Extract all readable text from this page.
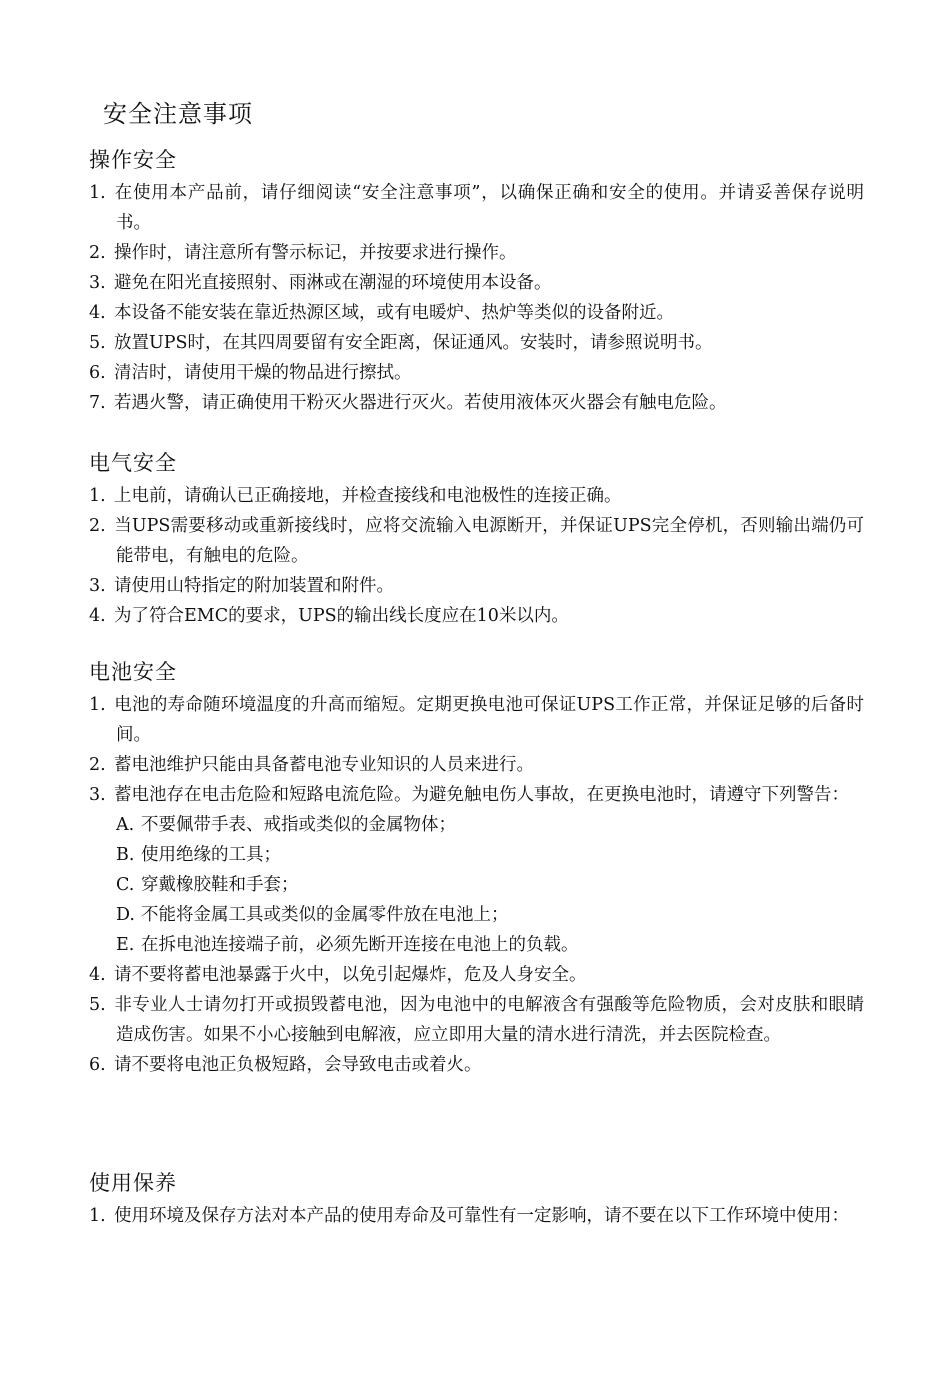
安全注意事项
操作安全
1. 在使用本产品前，请仔细阅读“安全注意事项”，以确保正确和安全的使用。并请妥善保存说明书。
2. 操作时，请注意所有警示标记，并按要求进行操作。
3. 避免在阳光直接照射、雨淋或在潮湿的环境使用本设备。
4. 本设备不能安装在靠近热源区域，或有电暖炉、热炉等类似的设备附近。
5. 放置UPS时，在其四周要留有安全距离，保证通风。安装时，请参照说明书。
6. 清洁时，请使用干燥的物品进行擦拭。
7. 若遇火警，请正确使用干粉灭火器进行灭火。若使用液体灭火器会有触电危险。
电气安全
1. 上电前，请确认已正确接地，并检查接线和电池极性的连接正确。
2. 当UPS需要移动或重新接线时，应将交流输入电源断开，并保证UPS完全停机，否则输出端仍可能带电，有触电的危险。
3. 请使用山特指定的附加装置和附件。
4. 为了符合EMC的要求，UPS的输出线长度应在10米以内。
电池安全
1. 电池的寿命随环境温度的升高而缩短。定期更换电池可保证UPS工作正常，并保证足够的后备时间。
2. 蓄电池维护只能由具备蓄电池专业知识的人员来进行。
3. 蓄电池存在电击危险和短路电流危险。为避免触电伤人事故，在更换电池时，请遵守下列警告：
A. 不要佩带手表、戒指或类似的金属物体；
B. 使用绝缘的工具；
C. 穿戴橡胶鞋和手套；
D. 不能将金属工具或类似的金属零件放在电池上；
E. 在拆电池连接端子前，必须先断开连接在电池上的负载。
4. 请不要将蓄电池暴露于火中，以免引起爆炸，危及人身安全。
5. 非专业人士请勿打开或损毁蓄电池，因为电池中的电解液含有强酸等危险物质，会对皮肤和眼睛造成伤害。如果不小心接触到电解液，应立即用大量的清水进行清洗，并去医院检查。
6. 请不要将电池正负极短路，会导致电击或着火。
使用保养
1. 使用环境及保存方法对本产品的使用寿命及可靠性有一定影响，请不要在以下工作环境中使用：
